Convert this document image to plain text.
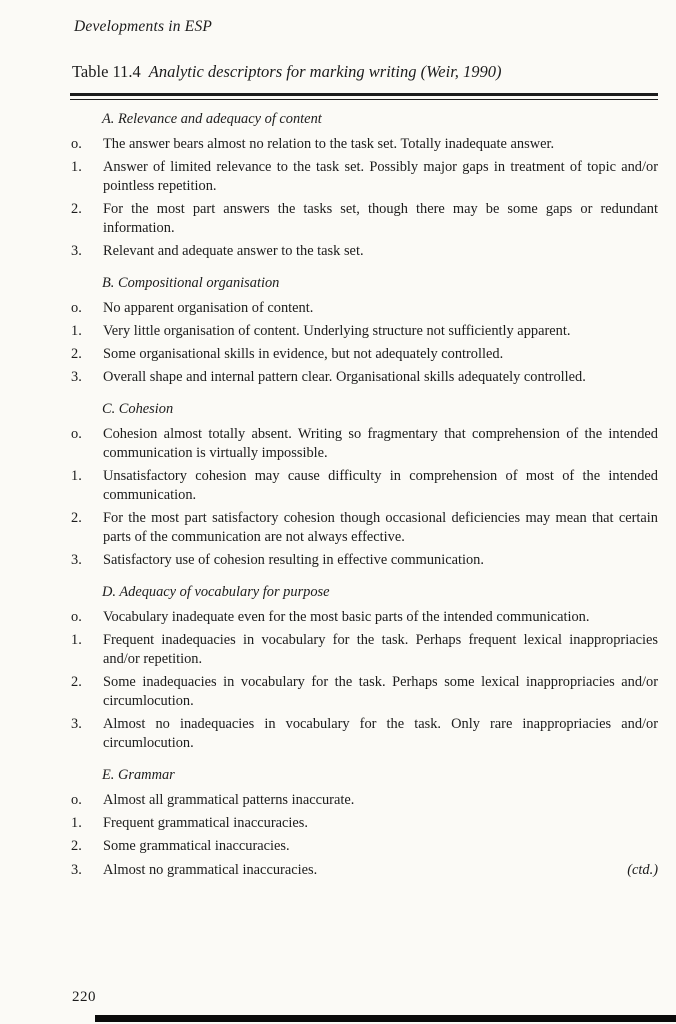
Developments in ESP
Table 11.4 Analytic descriptors for marking writing (Weir, 1990)
A. Relevance and adequacy of content
o.	The answer bears almost no relation to the task set. Totally inadequate answer.
1.	Answer of limited relevance to the task set. Possibly major gaps in treatment of topic and/or pointless repetition.
2.	For the most part answers the tasks set, though there may be some gaps or redundant information.
3.	Relevant and adequate answer to the task set.
B. Compositional organisation
o.	No apparent organisation of content.
1.	Very little organisation of content. Underlying structure not sufficiently apparent.
2.	Some organisational skills in evidence, but not adequately controlled.
3.	Overall shape and internal pattern clear. Organisational skills adequately controlled.
C. Cohesion
o.	Cohesion almost totally absent. Writing so fragmentary that comprehension of the intended communication is virtually impossible.
1.	Unsatisfactory cohesion may cause difficulty in comprehension of most of the intended communication.
2.	For the most part satisfactory cohesion though occasional deficiencies may mean that certain parts of the communication are not always effective.
3.	Satisfactory use of cohesion resulting in effective communication.
D. Adequacy of vocabulary for purpose
o.	Vocabulary inadequate even for the most basic parts of the intended communication.
1.	Frequent inadequacies in vocabulary for the task. Perhaps frequent lexical inappropriacies and/or repetition.
2.	Some inadequacies in vocabulary for the task. Perhaps some lexical inappropriacies and/or circumlocution.
3.	Almost no inadequacies in vocabulary for the task. Only rare inappropriacies and/or circumlocution.
E. Grammar
o.	Almost all grammatical patterns inaccurate.
1.	Frequent grammatical inaccuracies.
2.	Some grammatical inaccuracies.
3.	Almost no grammatical inaccuracies.	(ctd.)
220
